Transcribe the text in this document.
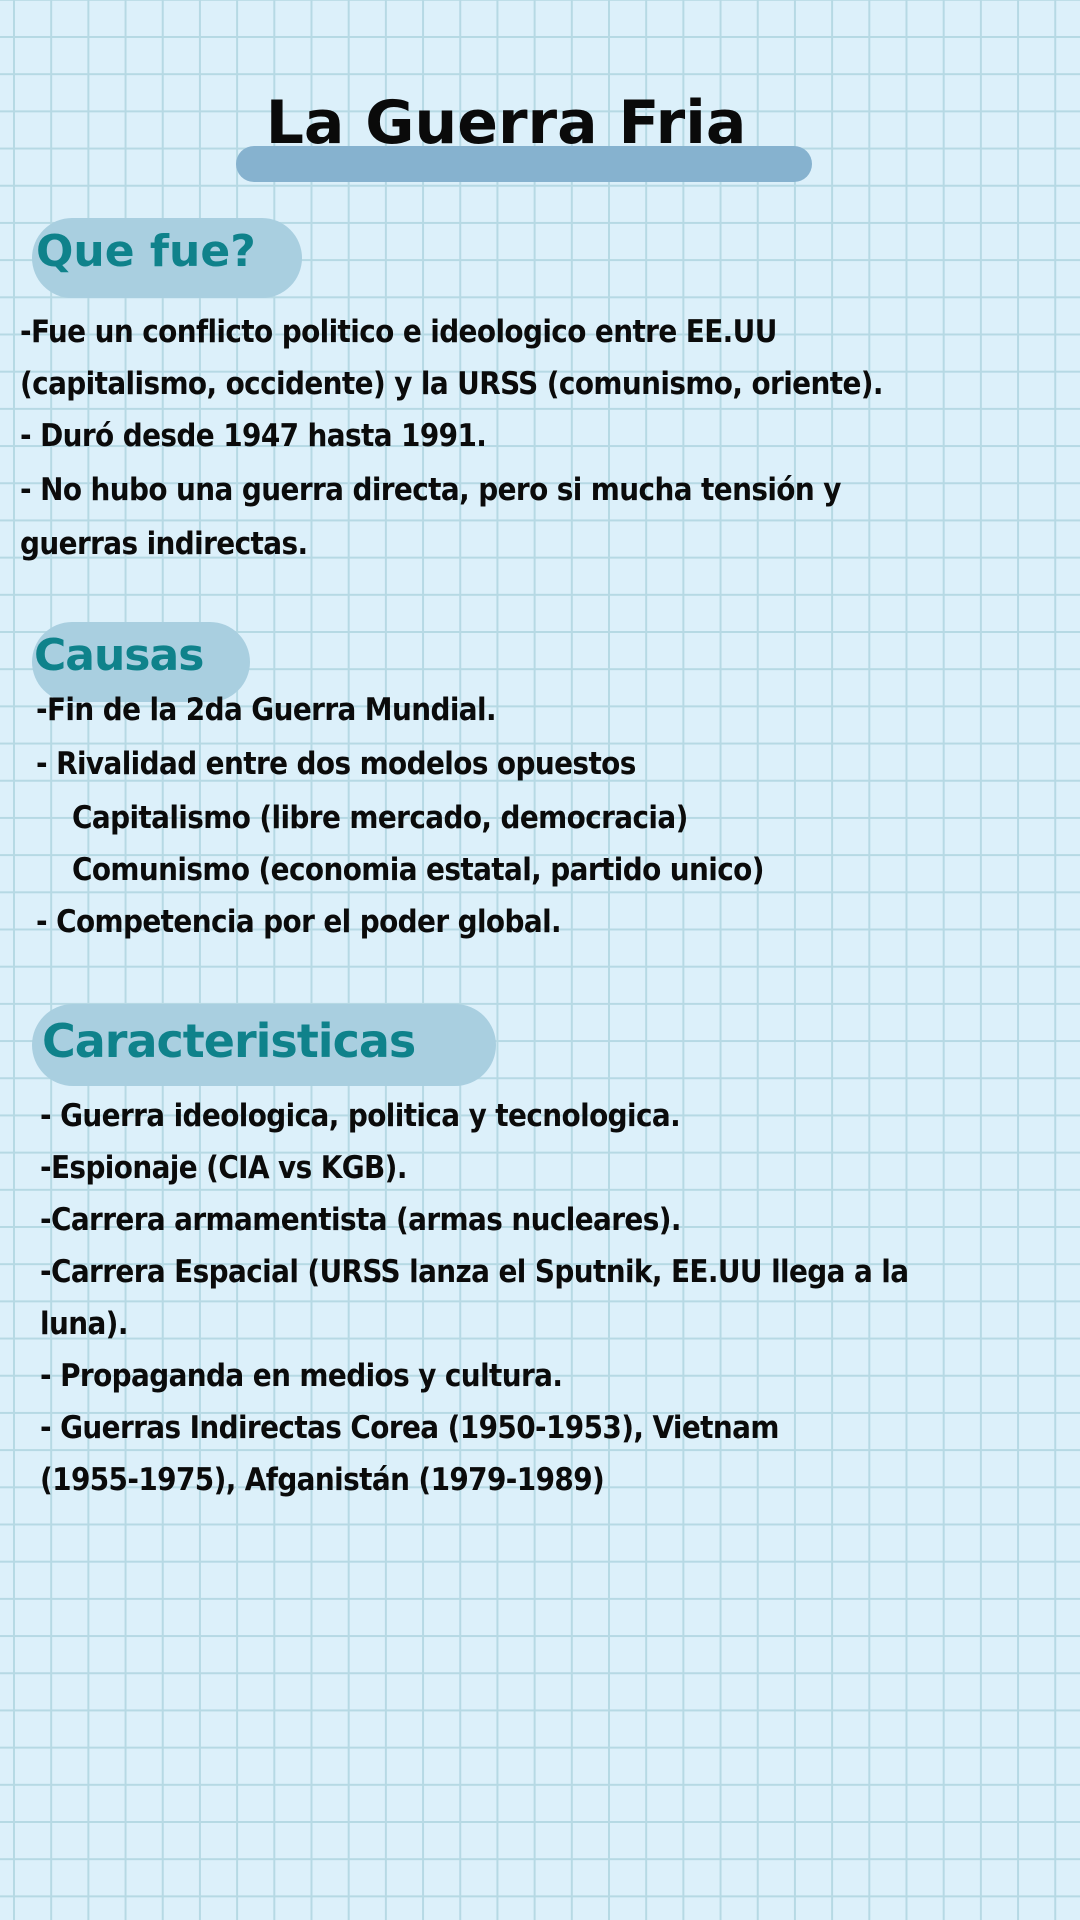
La Guerra Fria
Que fue?
-Fue un conflicto politico e ideologico entre EE.UU
(capitalismo, occidente) y la URSS (comunismo, oriente).
- Duró desde 1947 hasta 1991.
- No hubo una guerra directa, pero si mucha tensión y
guerras indirectas.
Causas
-Fin de la 2da Guerra Mundial.
- Rivalidad entre dos modelos opuestos
Capitalismo (libre mercado, democracia)
Comunismo (economia estatal, partido unico)
- Competencia por el poder global.
Caracteristicas
- Guerra ideologica, politica y tecnologica.
-Espionaje (CIA vs KGB).
-Carrera armamentista (armas nucleares).
-Carrera Espacial (URSS lanza el Sputnik, EE.UU llega a la
luna).
- Propaganda en medios y cultura.
- Guerras Indirectas Corea (1950-1953), Vietnam
(1955-1975), Afganistán (1979-1989)
